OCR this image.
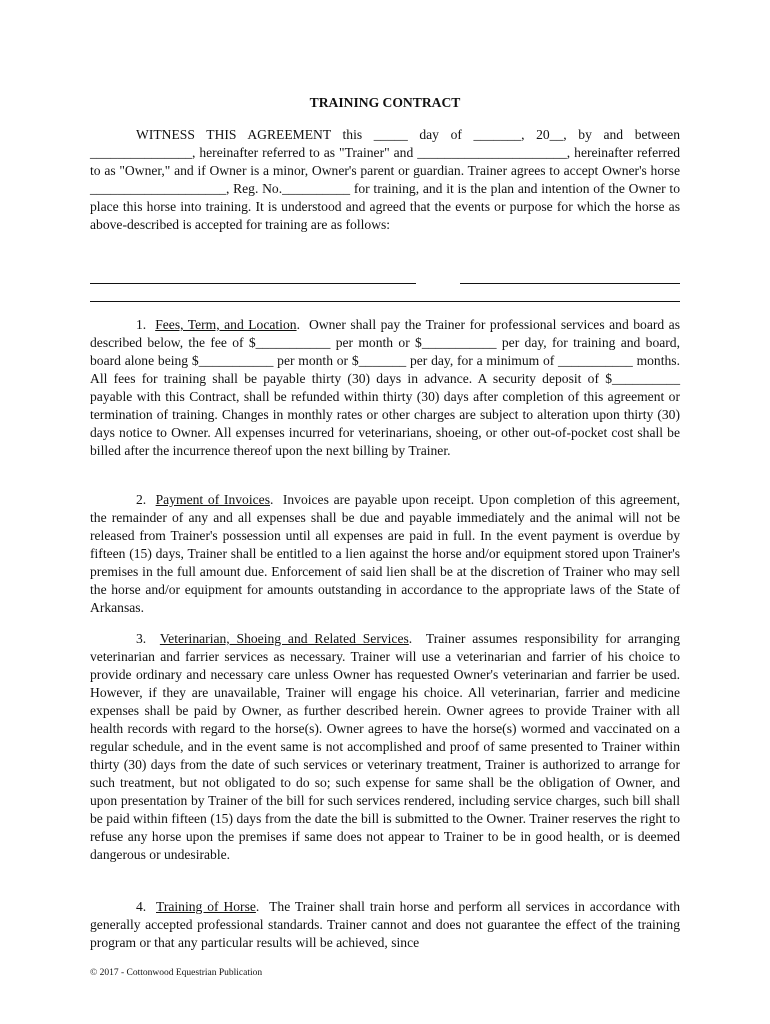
TRAINING CONTRACT

WITNESS THIS AGREEMENT this _____ day of _______, 20__, by and between _______________, hereinafter referred to as "Trainer" and ______________________, hereinafter referred to as "Owner," and if Owner is a minor, Owner's parent or guardian. Trainer agrees to accept Owner's horse ____________________, Reg. No.__________ for training, and it is the plan and intention of the Owner to place this horse into training. It is understood and agreed that the events or purpose for which the horse as above-described is accepted for training are as follows:

1. Fees, Term, and Location.  Owner shall pay the Trainer for professional services and board as described below, the fee of $___________ per month or $___________ per day, for training and board, board alone being $___________ per month or $_______ per day, for a minimum of ___________ months. All fees for training shall be payable thirty (30) days in advance. A security deposit of $__________ payable with this Contract, shall be refunded within thirty (30) days after completion of this agreement or termination of training. Changes in monthly rates or other charges are subject to alteration upon thirty (30) days notice to Owner. All expenses incurred for veterinarians, shoeing, or other out-of-pocket cost shall be billed after the incurrence thereof upon the next billing by Trainer.

2. Payment of Invoices.  Invoices are payable upon receipt. Upon completion of this agreement, the remainder of any and all expenses shall be due and payable immediately and the animal will not be released from Trainer's possession until all expenses are paid in full. In the event payment is overdue by fifteen (15) days, Trainer shall be entitled to a lien against the horse and/or equipment stored upon Trainer's premises in the full amount due. Enforcement of said lien shall be at the discretion of Trainer who may sell the horse and/or equipment for amounts outstanding in accordance to the appropriate laws of the State of Arkansas.

3. Veterinarian, Shoeing and Related Services.  Trainer assumes responsibility for arranging veterinarian and farrier services as necessary. Trainer will use a veterinarian and farrier of his choice to provide ordinary and necessary care unless Owner has requested Owner's veterinarian and farrier be used. However, if they are unavailable, Trainer will engage his choice. All veterinarian, farrier and medicine expenses shall be paid by Owner, as further described herein. Owner agrees to provide Trainer with all health records with regard to the horse(s). Owner agrees to have the horse(s) wormed and vaccinated on a regular schedule, and in the event same is not accomplished and proof of same presented to Trainer within thirty (30) days from the date of such services or veterinary treatment, Trainer is authorized to arrange for such treatment, but not obligated to do so; such expense for same shall be the obligation of Owner, and upon presentation by Trainer of the bill for such services rendered, including service charges, such bill shall be paid within fifteen (15) days from the date the bill is submitted to the Owner. Trainer reserves the right to refuse any horse upon the premises if same does not appear to Trainer to be in good health, or is deemed dangerous or undesirable.

4. Training of Horse.  The Trainer shall train horse and perform all services in accordance with generally accepted professional standards. Trainer cannot and does not guarantee the effect of the training program or that any particular results will be achieved, since

© 2017 - Cottonwood Equestrian Publication
